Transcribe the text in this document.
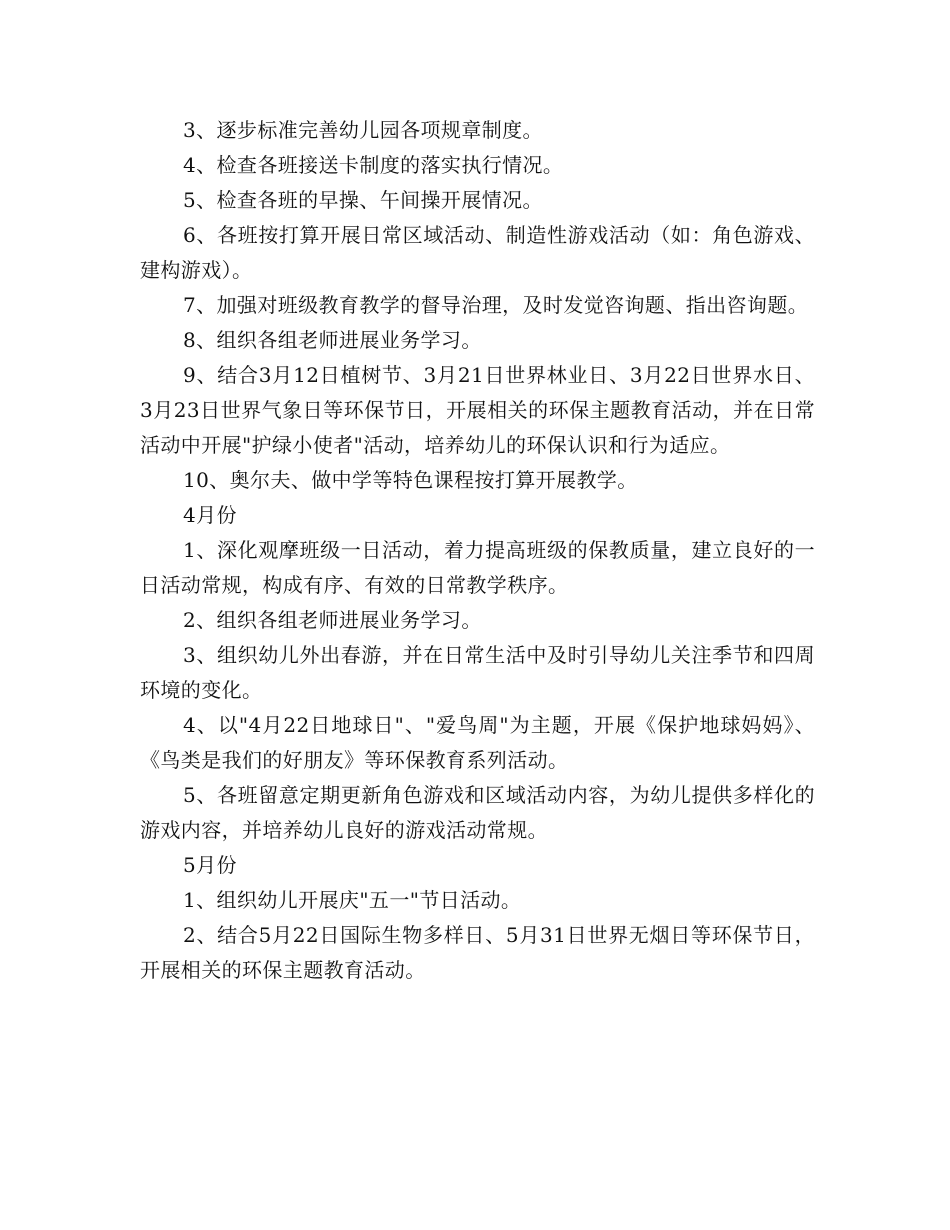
3、逐步标准完善幼儿园各项规章制度。

4、检查各班接送卡制度的落实执行情况。

5、检查各班的早操、午间操开展情况。

6、各班按打算开展日常区域活动、制造性游戏活动（如：角色游戏、建构游戏）。

7、加强对班级教育教学的督导治理，及时发觉咨询题、指出咨询题。

8、组织各组老师进展业务学习。

9、结合3月12日植树节、3月21日世界林业日、3月22日世界水日、3月23日世界气象日等环保节日，开展相关的环保主题教育活动，并在日常活动中开展"护绿小使者"活动，培养幼儿的环保认识和行为适应。

10、奥尔夫、做中学等特色课程按打算开展教学。

4月份

1、深化观摩班级一日活动，着力提高班级的保教质量，建立良好的一日活动常规，构成有序、有效的日常教学秩序。

2、组织各组老师进展业务学习。

3、组织幼儿外出春游，并在日常生活中及时引导幼儿关注季节和四周环境的变化。

4、以"4月22日地球日"、"爱鸟周"为主题，开展《保护地球妈妈》、《鸟类是我们的好朋友》等环保教育系列活动。

5、各班留意定期更新角色游戏和区域活动内容，为幼儿提供多样化的游戏内容，并培养幼儿良好的游戏活动常规。

5月份

1、组织幼儿开展庆"五一"节日活动。

2、结合5月22日国际生物多样日、5月31日世界无烟日等环保节日，开展相关的环保主题教育活动。
